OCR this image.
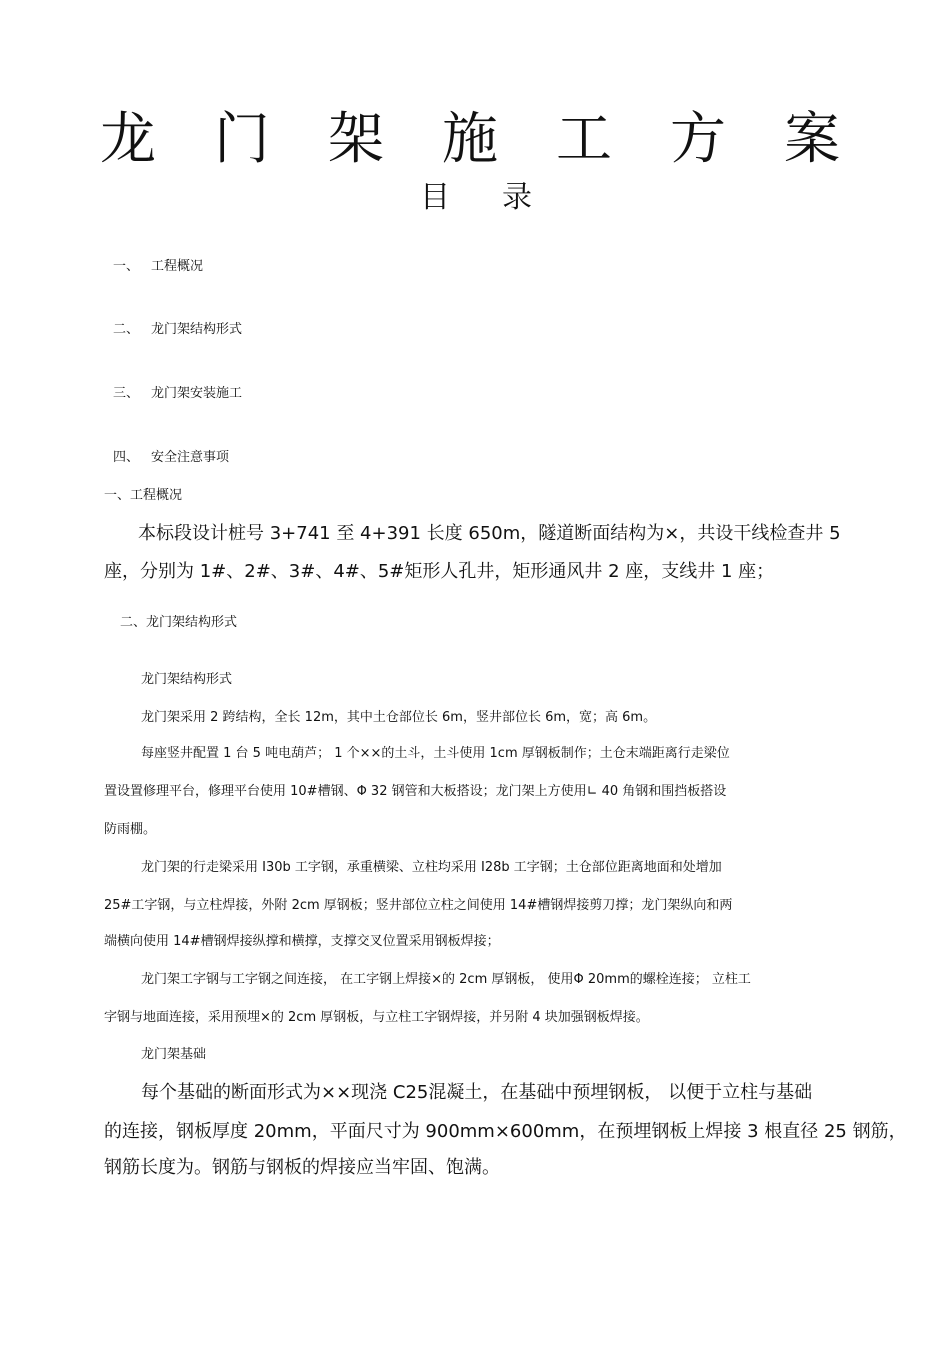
龙 门 架 施 工 方 案
目 录
一、 工程概况
二、 龙门架结构形式
三、 龙门架安装施工
四、 安全注意事项
一、工程概况
本标段设计桩号 3+741 至 4+391 长度 650m，隧道断面结构为×，共设干线检查井 5
座，分别为 1#、2#、3#、4#、5#矩形人孔井，矩形通风井 2 座，支线井 1 座；
二、龙门架结构形式
龙门架结构形式
龙门架采用 2 跨结构，全长 12m，其中土仓部位长 6m，竖井部位长 6m，宽；高 6m。
每座竖井配置 1 台 5 吨电葫芦； 1 个××的土斗，土斗使用 1cm 厚钢板制作；土仓末端距离行走梁位
置设置修理平台，修理平台使用 10#槽钢、Φ 32 钢管和大板搭设；龙门架上方使用∟ 40 角钢和围挡板搭设
防雨棚。
龙门架的行走梁采用 I30b 工字钢，承重横梁、立柱均采用 I28b 工字钢；土仓部位距离地面和处增加
25#工字钢，与立柱焊接，外附 2cm 厚钢板；竖井部位立柱之间使用 14#槽钢焊接剪刀撑；龙门架纵向和两
端横向使用 14#槽钢焊接纵撑和横撑，支撑交叉位置采用钢板焊接；
龙门架工字钢与工字钢之间连接， 在工字钢上焊接×的 2cm 厚钢板， 使用Φ 20mm的螺栓连接； 立柱工
字钢与地面连接，采用预埋×的 2cm 厚钢板，与立柱工字钢焊接，并另附 4 块加强钢板焊接。
龙门架基础
每个基础的断面形式为××现浇 C25混凝土，在基础中预埋钢板， 以便于立柱与基础
的连接，钢板厚度 20mm，平面尺寸为 900mm×600mm，在预埋钢板上焊接 3 根直径 25 钢筋，
钢筋长度为。钢筋与钢板的焊接应当牢固、饱满。
